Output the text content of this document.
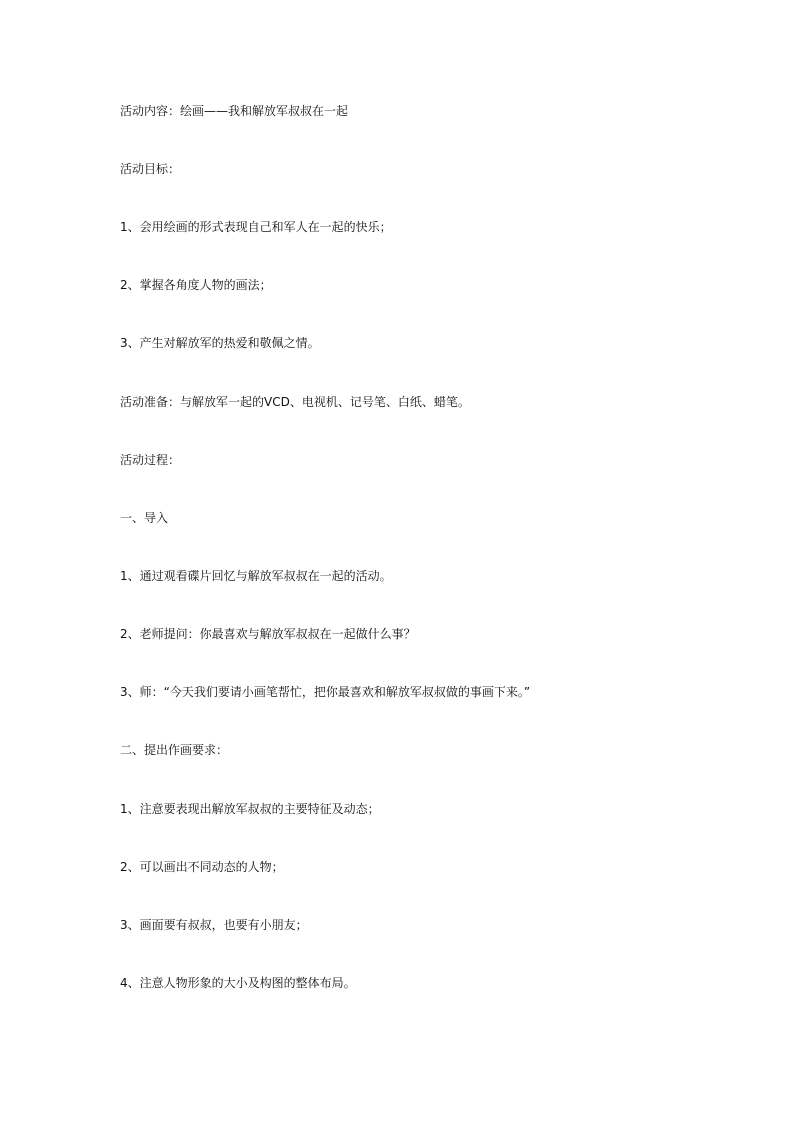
活动内容：绘画——我和解放军叔叔在一起
活动目标：
1、会用绘画的形式表现自己和军人在一起的快乐；
2、掌握各角度人物的画法；
3、产生对解放军的热爱和敬佩之情。
活动准备：与解放军一起的VCD、电视机、记号笔、白纸、蜡笔。
活动过程：
一、导入
1、通过观看碟片回忆与解放军叔叔在一起的活动。
2、老师提问：你最喜欢与解放军叔叔在一起做什么事？
3、师：“今天我们要请小画笔帮忙，把你最喜欢和解放军叔叔做的事画下来。”
二、提出作画要求：
1、注意要表现出解放军叔叔的主要特征及动态；
2、可以画出不同动态的人物；
3、画面要有叔叔，也要有小朋友；
4、注意人物形象的大小及构图的整体布局。
